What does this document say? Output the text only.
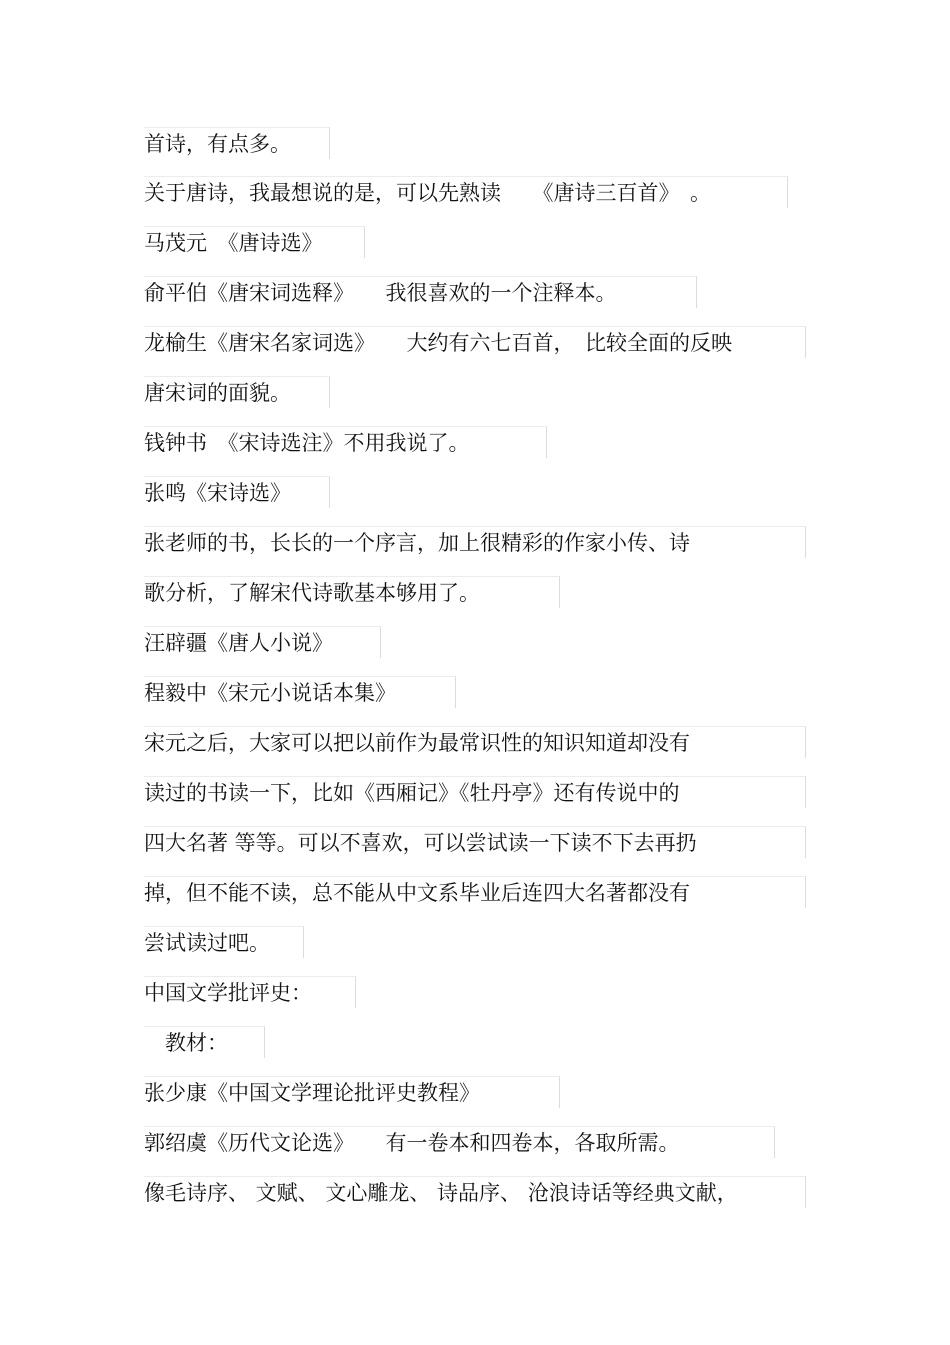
首诗，有点多。
关于唐诗，我最想说的是，可以先熟读　　《唐诗三百首》　。
马茂元　《唐诗选》
俞平伯《唐宋词选释》　　我很喜欢的一个注释本。
龙榆生《唐宋名家词选》　　大约有六七百首，　比较全面的反映
唐宋词的面貌。
钱钟书　《宋诗选注》不用我说了。
张鸣《宋诗选》
张老师的书，长长的一个序言，加上很精彩的作家小传、诗
歌分析，了解宋代诗歌基本够用了。
汪辟疆《唐人小说》
程毅中《宋元小说话本集》
宋元之后，大家可以把以前作为最常识性的知识知道却没有
读过的书读一下，比如《西厢记》《牡丹亭》还有传说中的
四大名著 等等。可以不喜欢，可以尝试读一下读不下去再扔
掉，但不能不读，总不能从中文系毕业后连四大名著都没有
尝试读过吧。
中国文学批评史：
　教材：
张少康《中国文学理论批评史教程》
郭绍虞《历代文论选》　　有一卷本和四卷本，各取所需。
像毛诗序、 文赋、 文心雕龙、 诗品序、 沧浪诗话等经典文献，
